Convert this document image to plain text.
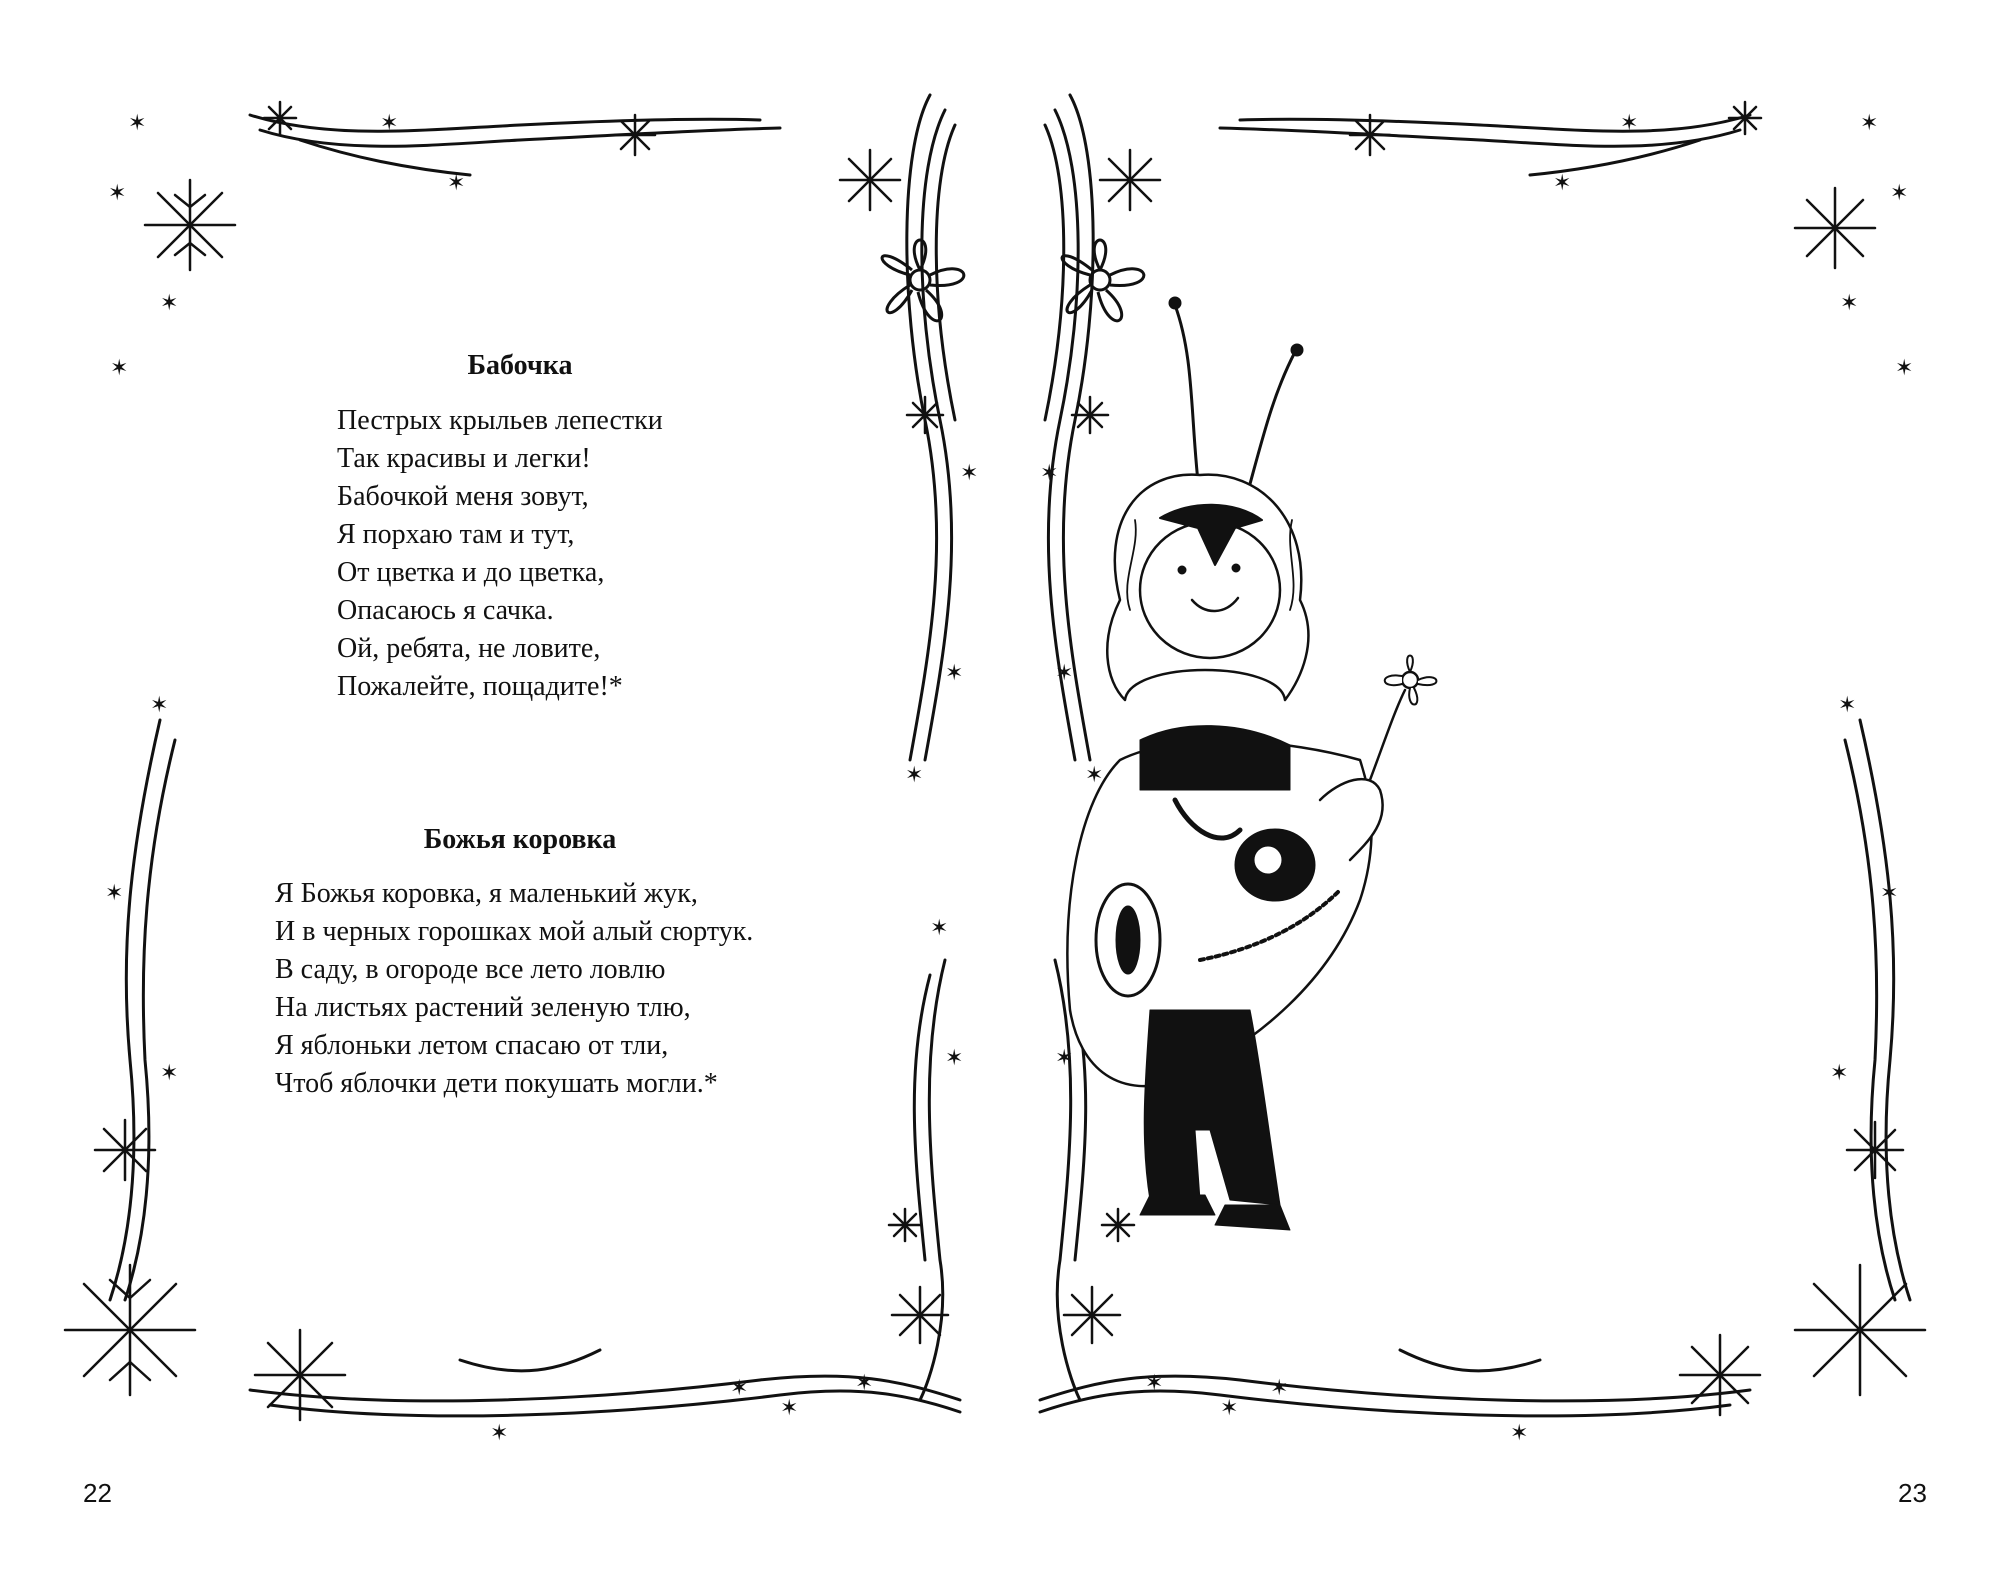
✶	✶
✶
✶
✶
✶
✶
✶
✶
✶
✶
✶
✶
✶
✶
✶
✶
✶
Бабочка
Пестрых крыльев лепестки
Так красивы и легки!
Бабочкой меня зовут,
Я порхаю там и тут,
От цветка и до цветка,
Опасаюсь я сачка.
Ой, ребята, не ловите,
Пожалейте, пощадите!*
Божья коровка
Я Божья коровка, я маленький жук,
И в черных горошках мой алый сюртук.
В саду, в огороде все лето ловлю
На листьях растений зеленую тлю,
Я яблоньки летом спасаю от тли,
Чтоб яблочки дети покушать могли.*
22
✶
✶
✶	✶
✶
✶
✶
✶
✶
✶
✶
✶
✶
✶
✶
✶
✶
23
